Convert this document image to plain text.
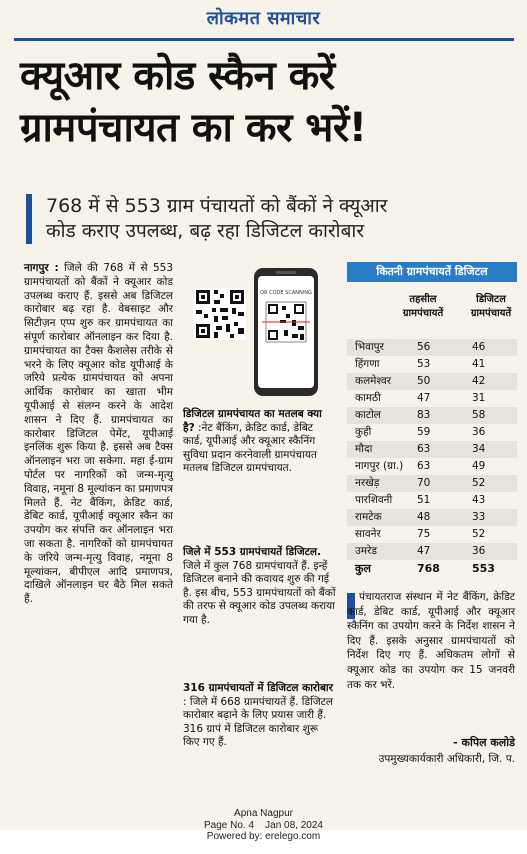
लोकमत समाचार
क्यूआर कोड स्कैन करें
ग्रामपंचायत का कर भरें!
768 में से 553 ग्राम पंचायतों को बैंकों ने क्यूआर
कोड कराए उपलब्ध, बढ़ रहा डिजिटल कारोबार
नागपुर : जिले की 768 में से 553 ग्रामपंचायतों को बैंकों ने क्यूआर कोड उपलब्ध कराए हैं. इससे अब डिजिटल कारोबार बढ़ रहा है. वेबसाइट और सिटीज़न एप्प शुरु कर ग्रामपंचायत का संपूर्ण कारोबार ऑनलाइन कर दिया है. ग्रामपंचायत का टैक्स कैशलेस तरीके से भरने के लिए क्यूआर कोड यूपीआई के जरिये प्रत्येक ग्रामपंचायत को अपना आर्थिक कारोबार का खाता भीम यूपीआई से संलग्न करने के आदेश शासन ने दिए हैं. ग्रामपंचायत का कारोबार डिजिटल पेमेंट, यूपीआई इनलिंक शुरू किया है. इससे अब टैक्स ऑनलाइन भरा जा सकेगा. महा ई-ग्राम पोर्टल पर नागरिकों को जन्म-मृत्यु विवाह, नमूना 8 मूल्यांकन का प्रमाणपत्र मिलते हैं. नेट बैंकिंग, क्रेडिट कार्ड, डेबिट कार्ड, यूपीआई क्यूआर स्कैन का उपयोग कर संपत्ति कर ऑनलाइन भरा जा सकता है. नागरिकों को ग्रामपंचायत के जरिये जन्म-मृत्यु विवाह, नमूना 8 मूल्यांकन, बीपीएल आदि प्रमाणपत्र, दाखिले ऑनलाइन घर बैठे मिल सकते हैं.
QR CODE SCANNING
डिजिटल ग्रामपंचायत का मतलब क्या है? :नेट बैंकिंग, क्रेडिट कार्ड, डेबिट कार्ड, यूपीआई और क्यूआर स्कैनिंग सुविधा प्रदान करनेवाली ग्रामपंचायत मतलब डिजिटल ग्रामपंचायत.
जिले में 553 ग्रामपंचायतें डिजिटल. जिले में कुल 768 ग्रामपंचायतें हैं. इन्हें डिजिटल बनाने की कवायद शुरु की गई है. इस बीच, 553 ग्रामपंचायतों को बैंकों की तरफ से क्यूआर कोड उपलब्ध कराया गया है.
316 ग्रामपंचायतों में डिजिटल कारोबार : जिले में 668 ग्रामपंचायतें हैं. डिजिटल कारोबार बढ़ाने के लिए प्रयास जारी हैं. 316 ग्रापं में डिजिटल कारोबार शुरू किए गए हैं.
कितनी ग्रामपंचायतें डिजिटल
तहसील
ग्रामपंचायतें
डिजिटल
ग्रामपंचायतें
भिवापुर	56	46
हिंगणा	53	41
कलमेश्वर 50	42
कामठी	47	31
काटोल	83	58
कुही	59	36
मौदा	63	34
नागपुर (ग्रा.) 63	49
नरखेड़	70	52
पारशिवनी 51	43
रामटेक	48	33
सावनेर	75	52
उमरेड	47	36
कुल	768	553
पंचायतराज संस्थान में नेट बैंकिंग, क्रेडिट कार्ड, डेबिट कार्ड, यूपीआई और क्यूआर स्कैनिंग का उपयोग करने के निर्देश शासन ने दिए हैं. इसके अनुसार ग्रामपंचायतों को निर्देश दिए गए हैं. अधिकतम लोगों से क्यूआर कोड का उपयोग कर 15 जनवरी तक कर भरें.
- कपिल कलोडे
उपमुख्यकार्यकारी अधिकारी, जि. प.
Apna Nagpur
Page No. 4    Jan 08, 2024
Powered by: erelego.com
